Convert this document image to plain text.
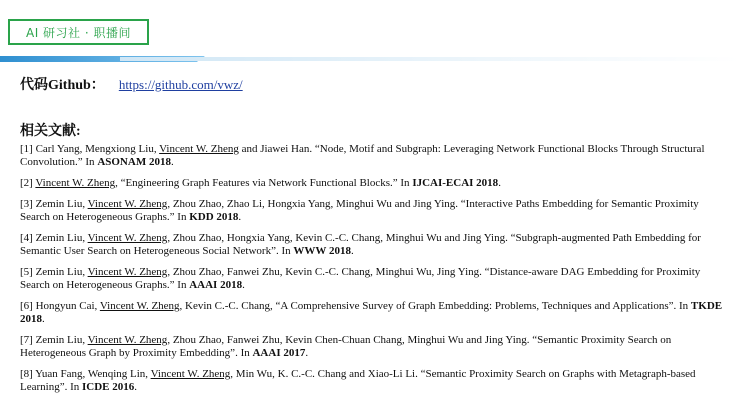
AI 研习社 · 职播间
代码Github： https://github.com/vwz/
相关文献:

[1] Carl Yang, Mengxiong Liu, Vincent W. Zheng and Jiawei Han. “Node, Motif and Subgraph: Leveraging Network Functional Blocks Through Structural Convolution.” In ASONAM 2018.

[2] Vincent W. Zheng, “Engineering Graph Features via Network Functional Blocks.” In IJCAI-ECAI 2018.

[3] Zemin Liu, Vincent W. Zheng, Zhou Zhao, Zhao Li, Hongxia Yang, Minghui Wu and Jing Ying. “Interactive Paths Embedding for Semantic Proximity Search on Heterogeneous Graphs.” In KDD 2018.

[4] Zemin Liu, Vincent W. Zheng, Zhou Zhao, Hongxia Yang, Kevin C.-C. Chang, Minghui Wu and Jing Ying. “Subgraph-augmented Path Embedding for Semantic User Search on Heterogeneous Social Network”. In WWW 2018.

[5] Zemin Liu, Vincent W. Zheng, Zhou Zhao, Fanwei Zhu, Kevin C.-C. Chang, Minghui Wu, Jing Ying. “Distance-aware DAG Embedding for Proximity Search on Heterogeneous Graphs.” In AAAI 2018.

[6] Hongyun Cai, Vincent W. Zheng, Kevin C.-C. Chang, “A Comprehensive Survey of Graph Embedding: Problems, Techniques and Applications”. In TKDE 2018.

[7] Zemin Liu, Vincent W. Zheng, Zhou Zhao, Fanwei Zhu, Kevin Chen-Chuan Chang, Minghui Wu and Jing Ying. “Semantic Proximity Search on Heterogeneous Graph by Proximity Embedding”. In AAAI 2017.

[8] Yuan Fang, Wenqing Lin, Vincent W. Zheng, Min Wu, K. C.-C. Chang and Xiao-Li Li. “Semantic Proximity Search on Graphs with Metagraph-based Learning”. In ICDE 2016.
